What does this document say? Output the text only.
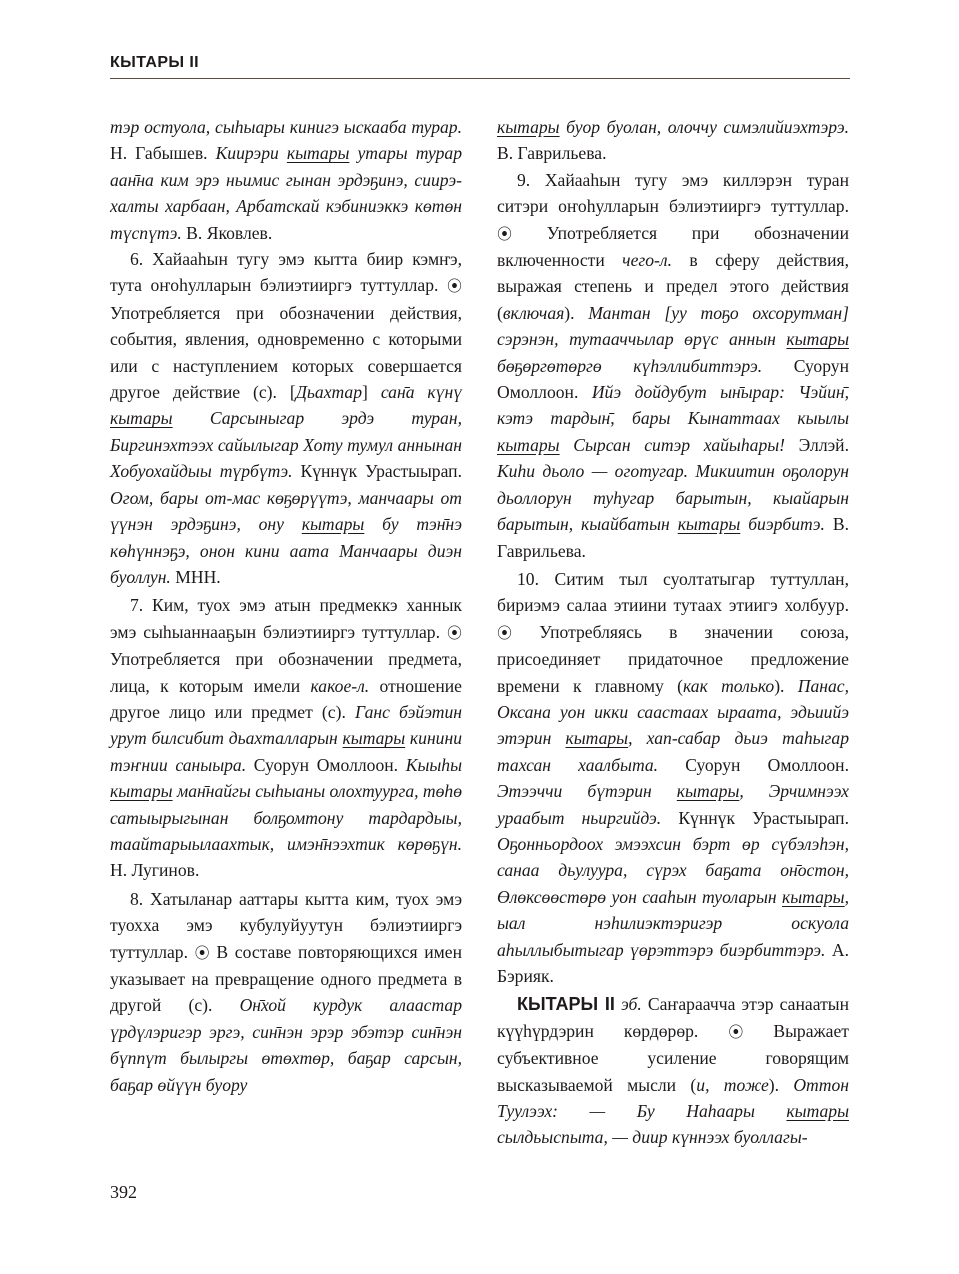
КЫТАРЫ II

тэр остуола, сыһыары кинигэ ыскааба турар. Н. Габышев. Киирэри кытары утары турар аан̄на ким эрэ ньимис гынан эрдэҕинэ, сиирэ-халты харбаан, Арбатскай кэбиниэккэ көтөн түспүтэ. В. Яковлев.

6. Хайааһын тугу эмэ кытта биир кэмҥэ, тута оҥоһулларын бэлиэтииргэ туттуллар. ⦿ Употребляется при обозначении действия, события, явления, одновременно с которыми или с наступлением которых совершается другое действие (с). [Дьахтар] сан̄а күнү кытары Сарсыныгар эрдэ туран, Биргинэхтээх сайылыгар Хоту тумул аннынан Хобуохайдыы түрбүтэ. Күннүк Урастыырап. Огом, бары от-мас көҕөрүүтэ, манчаары от үүнэн эрдэҕинэ, ону кытары бу тэн̄нэ көһүннэҕэ, онон кини аата Манчаары диэн буоллун. МНН.

7. Ким, туох эмэ атын предмеккэ ханнык эмэ сыһыаннааҕын бэлиэтииргэ туттуллар. ⦿ Употребляется при обозначении предмета, лица, к которым имели какое-л. отношение другое лицо или предмет (с). Ганс бэйэтин урут билсибит дьахталларын кытары кинини тэҥнии саныыра. Суорун Омоллоон. Кыыһы кытары ман̄найгы сыһыаны олохтуурга, төһө сатыырыгынан болҕомтону тардардыы, таайтарыылаахтык, имэн̄нээхтик көрөҕүн. Н. Лугинов.

8. Хатыланар ааттары кытта ким, туох эмэ туохха эмэ кубулуйуутун бэлиэтииргэ туттуллар. ⦿ В составе повторяющихся имен указывает на превращение одного предмета в другой (с). Он̄хой курдук алаастар үрдүлэригэр эргэ, син̄нэн эрэр эбэтэр син̄нэн бүппүт былыргы өтөхтөр, баҕар сарсын, баҕар өйүүн буору

кытары буор буолан, олоччу симэлийиэхтэрэ. В. Гаврильева.

9. Хайааһын тугу эмэ киллэрэн туран ситэри оҥоһулларын бэлиэтииргэ туттуллар. ⦿ Употребляется при обозначении включенности чего-л. в сферу действия, выражая степень и предел этого действия (включая). Мантан [уу тоҕо охсорутман] сэрэнэн, тутааччылар өрүс аннын кытары бөҕөргөтөргө күһэллибиттэрэ. Суорун Омоллоон. Ийэ дойдубут ын̄ырар: Чэйин̄, кэтэ тардын̄, бары Кынаттаах кыылы кытары Сырсан ситэр хайыһары! Эллэй. Киһи дьоло — оготугар. Микиитин оҕолорун дьоллорун туһугар барытын, кыайарын барытын, кыайбатын кытары биэрбитэ. В. Гаврильева.

10. Ситим тыл суолтатыгар туттуллан, бириэмэ салаа этиини тутаах этиигэ холбуур. ⦿ Употребляясь в значении союза, присоединяет придаточное предложение времени к главному (как только). Панас, Оксана уон икки саастаах ыраата, эдьиийэ этэрин кытары, хап-сабар дьиэ таһыгар тахсан хаалбыта. Суорун Омоллоон. Этээччи бүтэрин кытары, Эрчимнээх ураабыт ньиргийдэ. Күннүк Урастыырап. Оҕонньордоох эмээхсин бэрт өр сүбэлэһэн, санаа дьулуура, сүрэх баҕата он̄остон, Өлөксөөстөрө уон сааһын туоларын кытары, ыал нэһилиэктэригэр оскуола аһыллыбытыгар үөрэттэрэ биэрбиттэрэ. А. Бэрияк.

КЫТАРЫ II эб. Саҥараачча этэр санаатын күүһүрдэрин көрдөрөр. ⦿ Выражает субъективное усиление говорящим высказываемой мысли (и, тоже). Оттон Туулээх: — Бу Наһаары кытары сылдьыспыта, — диир күннээх буоллагы-

392
